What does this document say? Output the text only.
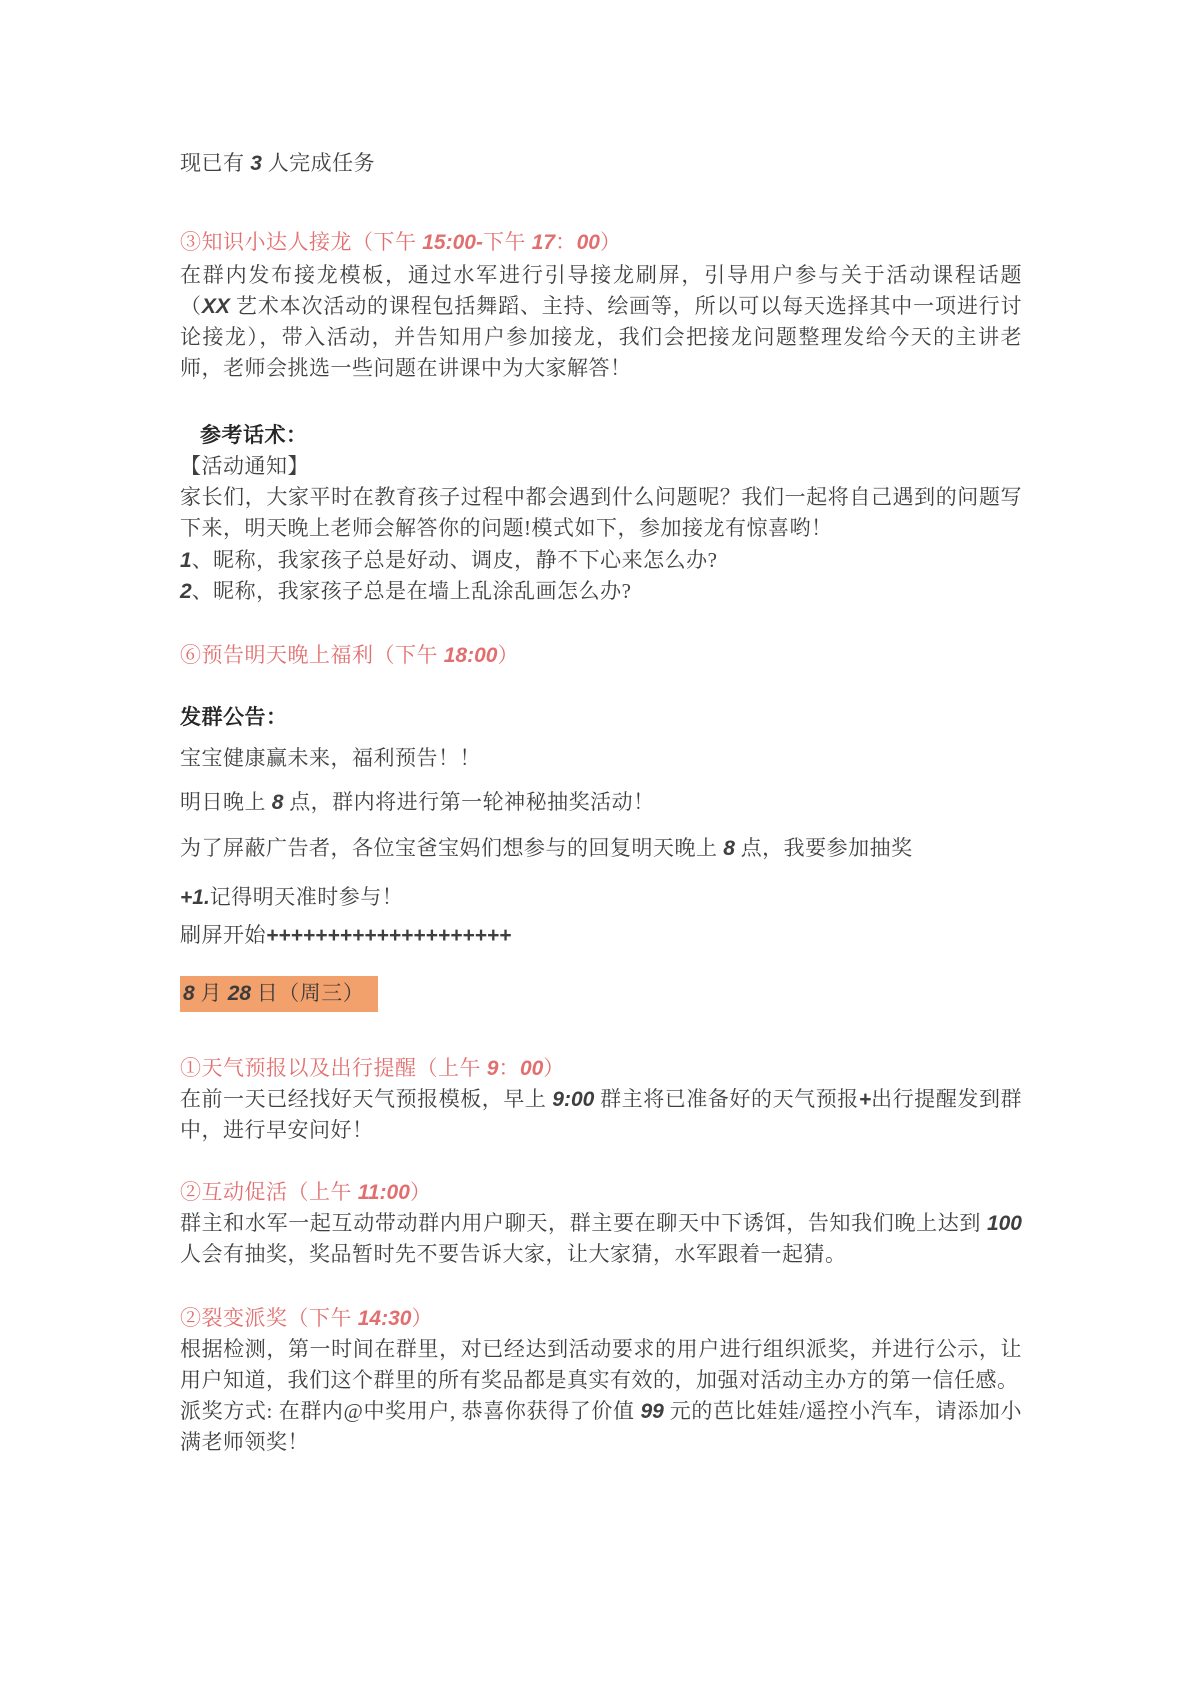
现已有 3 人完成任务

③知识小达人接龙（下午 15:00-下午 17：00）

在群内发布接龙模板，通过水军进行引导接龙刷屏，引导用户参与关于活动课程话题（XX 艺术本次活动的课程包括舞蹈、主持、绘画等，所以可以每天选择其中一项进行讨论接龙），带入活动，并告知用户参加接龙，我们会把接龙问题整理发给今天的主讲老师，老师会挑选一些问题在讲课中为大家解答！

参考话术：

【活动通知】

家长们，大家平时在教育孩子过程中都会遇到什么问题呢？我们一起将自己遇到的问题写下来，明天晚上老师会解答你的问题!模式如下，参加接龙有惊喜哟！

1、昵称，我家孩子总是好动、调皮，静不下心来怎么办?

2、昵称，我家孩子总是在墙上乱涂乱画怎么办?

⑥预告明天晚上福利（下午 18:00）

发群公告：

宝宝健康赢未来，福利预告！！

明日晚上 8 点，群内将进行第一轮神秘抽奖活动！

为了屏蔽广告者，各位宝爸宝妈们想参与的回复明天晚上 8 点，我要参加抽奖

+1.记得明天准时参与！

刷屏开始++++++++++++++++++++

8 月 28 日（周三）

①天气预报以及出行提醒（上午 9：00）

在前一天已经找好天气预报模板，早上 9:00 群主将已准备好的天气预报+出行提醒发到群中，进行早安问好！

②互动促活（上午 11:00）

群主和水军一起互动带动群内用户聊天，群主要在聊天中下诱饵，告知我们晚上达到 100 人会有抽奖，奖品暂时先不要告诉大家，让大家猜，水军跟着一起猜。

②裂变派奖（下午 14:30）

根据检测，第一时间在群里，对已经达到活动要求的用户进行组织派奖，并进行公示，让用户知道，我们这个群里的所有奖品都是真实有效的，加强对活动主办方的第一信任感。

派奖方式: 在群内@中奖用户, 恭喜你获得了价值 99 元的芭比娃娃/遥控小汽车，请添加小满老师领奖！
